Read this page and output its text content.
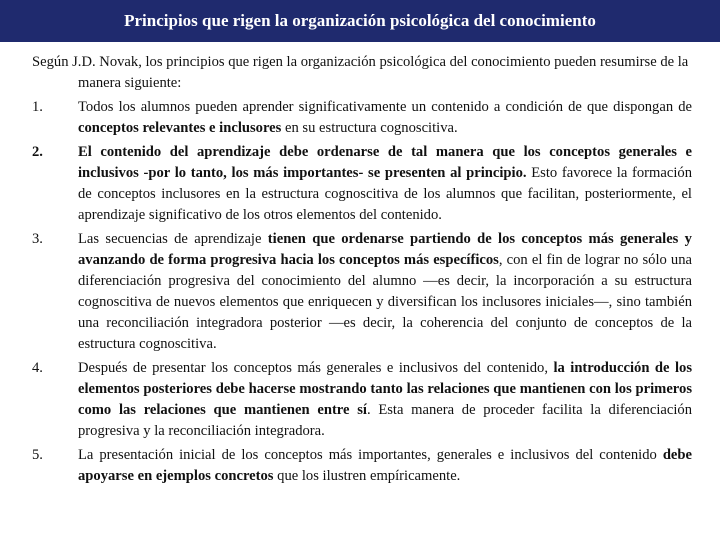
Principios que rigen la organización psicológica del conocimiento

Según J.D. Novak, los principios que rigen la organización psicológica del conocimiento pueden resumirse de la manera siguiente:

1.	Todos los alumnos pueden aprender significativamente un contenido a condición de que dispongan de conceptos relevantes e inclusores en su estructura cognoscitiva.
2.	El contenido del aprendizaje debe ordenarse de tal manera que los conceptos generales e inclusivos -por lo tanto, los más importantes- se presenten al principio. Esto favorece la formación de conceptos inclusores en la estructura cognoscitiva de los alumnos que facilitan, posteriormente, el aprendizaje significativo de los otros elementos del contenido.
3.	Las secuencias de aprendizaje tienen que ordenarse partiendo de los conceptos más generales y avanzando de forma progresiva hacia los conceptos más específicos, con el fin de lograr no sólo una diferenciación progresiva del conocimiento del alumno —es decir, la incorporación a su estructura cognoscitiva de nuevos elementos que enriquecen y diversifican los inclusores iniciales—, sino también una reconciliación integradora posterior —es decir, la coherencia del conjunto de conceptos de la estructura cognoscitiva.
4.	Después de presentar los conceptos más generales e inclusivos del contenido, la introducción de los elementos posteriores debe hacerse mostrando tanto las relaciones que mantienen con los primeros como las relaciones que mantienen entre sí. Esta manera de proceder facilita la diferenciación progresiva y la reconciliación integradora.
5.	La presentación inicial de los conceptos más importantes, generales e inclusivos del contenido debe apoyarse en ejemplos concretos que los ilustren empíricamente.
